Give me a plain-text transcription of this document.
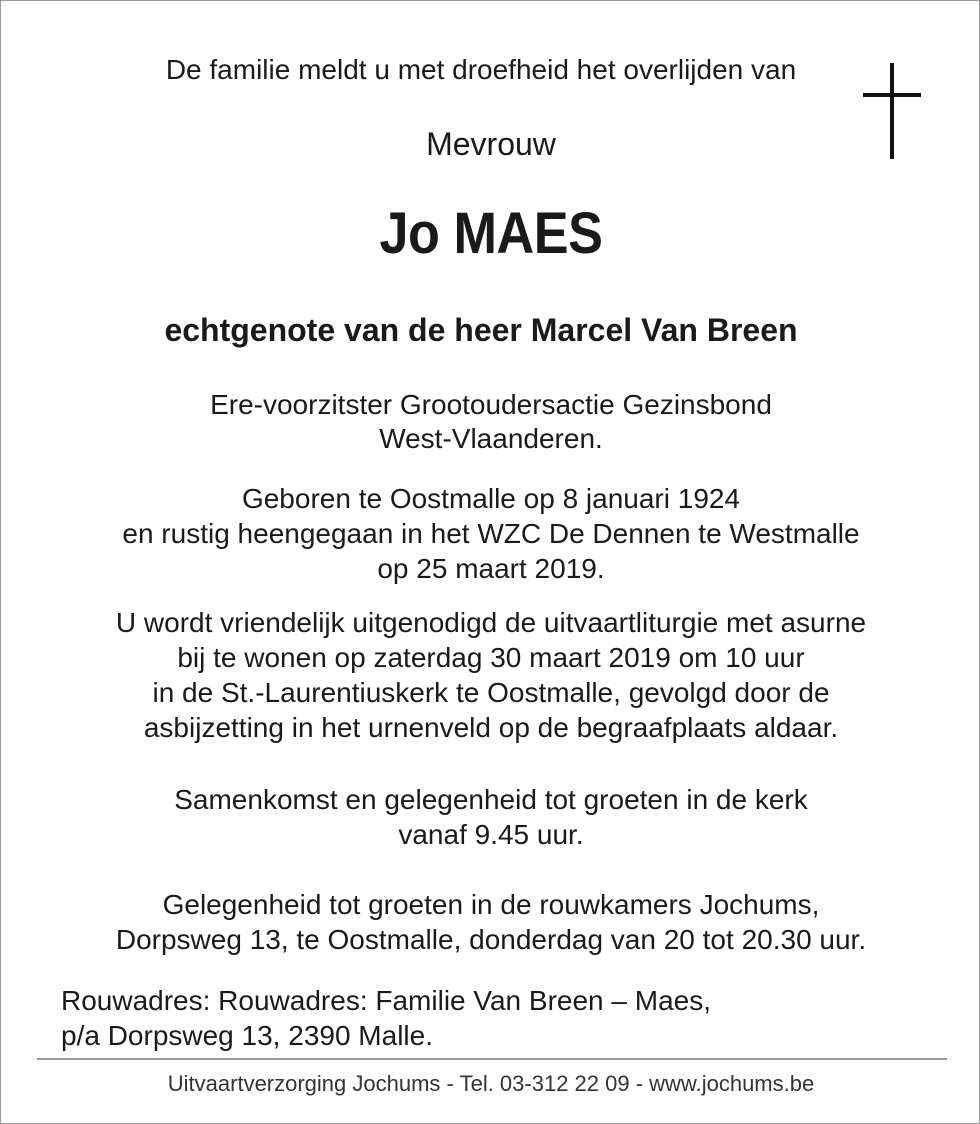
De familie meldt u met droefheid het overlijden van
Mevrouw
Jo MAES
echtgenote van de heer Marcel Van Breen
Ere-voorzitster Grootoudersactie Gezinsbond
West-Vlaanderen.
Geboren te Oostmalle op 8 januari 1924
en rustig heengegaan in het WZC De Dennen te Westmalle
op 25 maart 2019.
U wordt vriendelijk uitgenodigd de uitvaartliturgie met asurne
bij te wonen op zaterdag 30 maart 2019 om 10 uur
in de St.-Laurentiuskerk te Oostmalle, gevolgd door de
asbijzetting in het urnenveld op de begraafplaats aldaar.
Samenkomst en gelegenheid tot groeten in de kerk
vanaf 9.45 uur.
Gelegenheid tot groeten in de rouwkamers Jochums,
Dorpsweg 13, te Oostmalle, donderdag van 20 tot 20.30 uur.
Rouwadres: Rouwadres: Familie Van Breen – Maes,
p/a Dorpsweg 13, 2390 Malle.
Uitvaartverzorging Jochums - Tel. 03-312 22 09 - www.jochums.be
